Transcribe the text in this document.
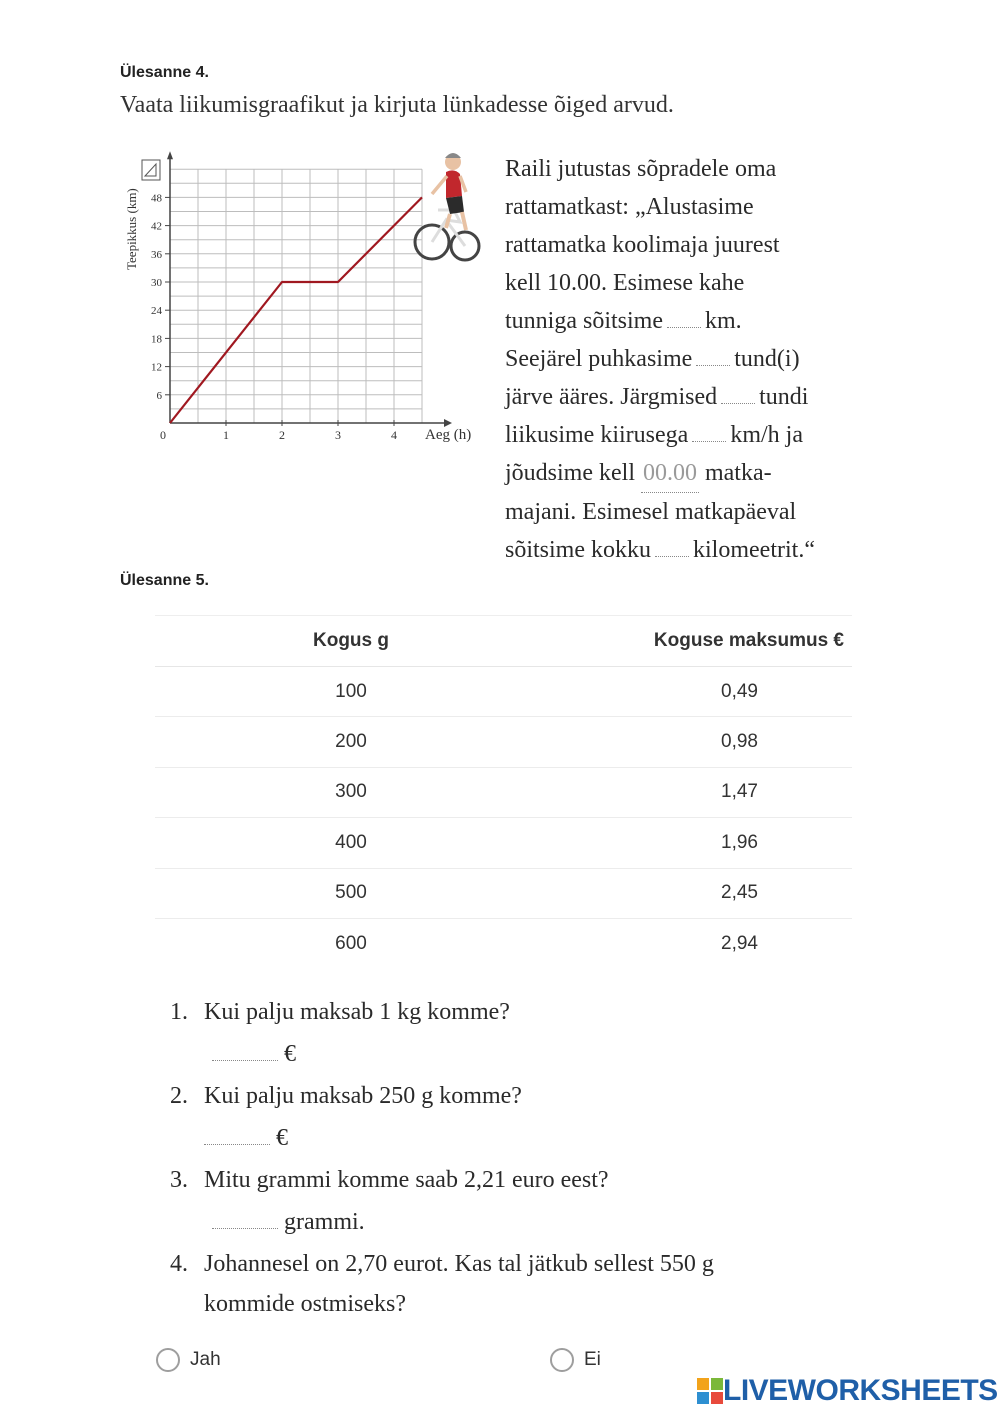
Ülesanne 4.
Vaata liikumisgraafikut ja kirjuta lünkadesse õiged arvud.
0	1	2	3	4
6
12
18
24
30
36
42
48
Teepikkus (km)
Aeg (h)
Raili jutustas sõpradele oma
rattamatkast: „Alustasime
rattamatka koolimaja juurest
kell 10.00. Esimese kahe
tunniga sõitsime km.
Seejärel puhkasime tund(i)
järve ääres. Järgmised tundi
liikusime kiirusega km/h ja
jõudsime kell 00.00 matka-
majani. Esimesel matkapäeval
sõitsime kokku kilomeetrit.“
Ülesanne 5.
Kogus g	Koguse maksumus €
100	0,49
200	0,98
300	1,47
400	1,96
500	2,45
600	2,94
1. Kui palju maksab 1 kg komme?
€
2. Kui palju maksab 250 g komme?
€
3. Mitu grammi komme saab 2,21 euro eest?
grammi.
4. Johannesel on 2,70 eurot. Kas tal jätkub sellest 550 g
kommide ostmiseks?
Jah	Ei
LIVEWORKSHEETS
